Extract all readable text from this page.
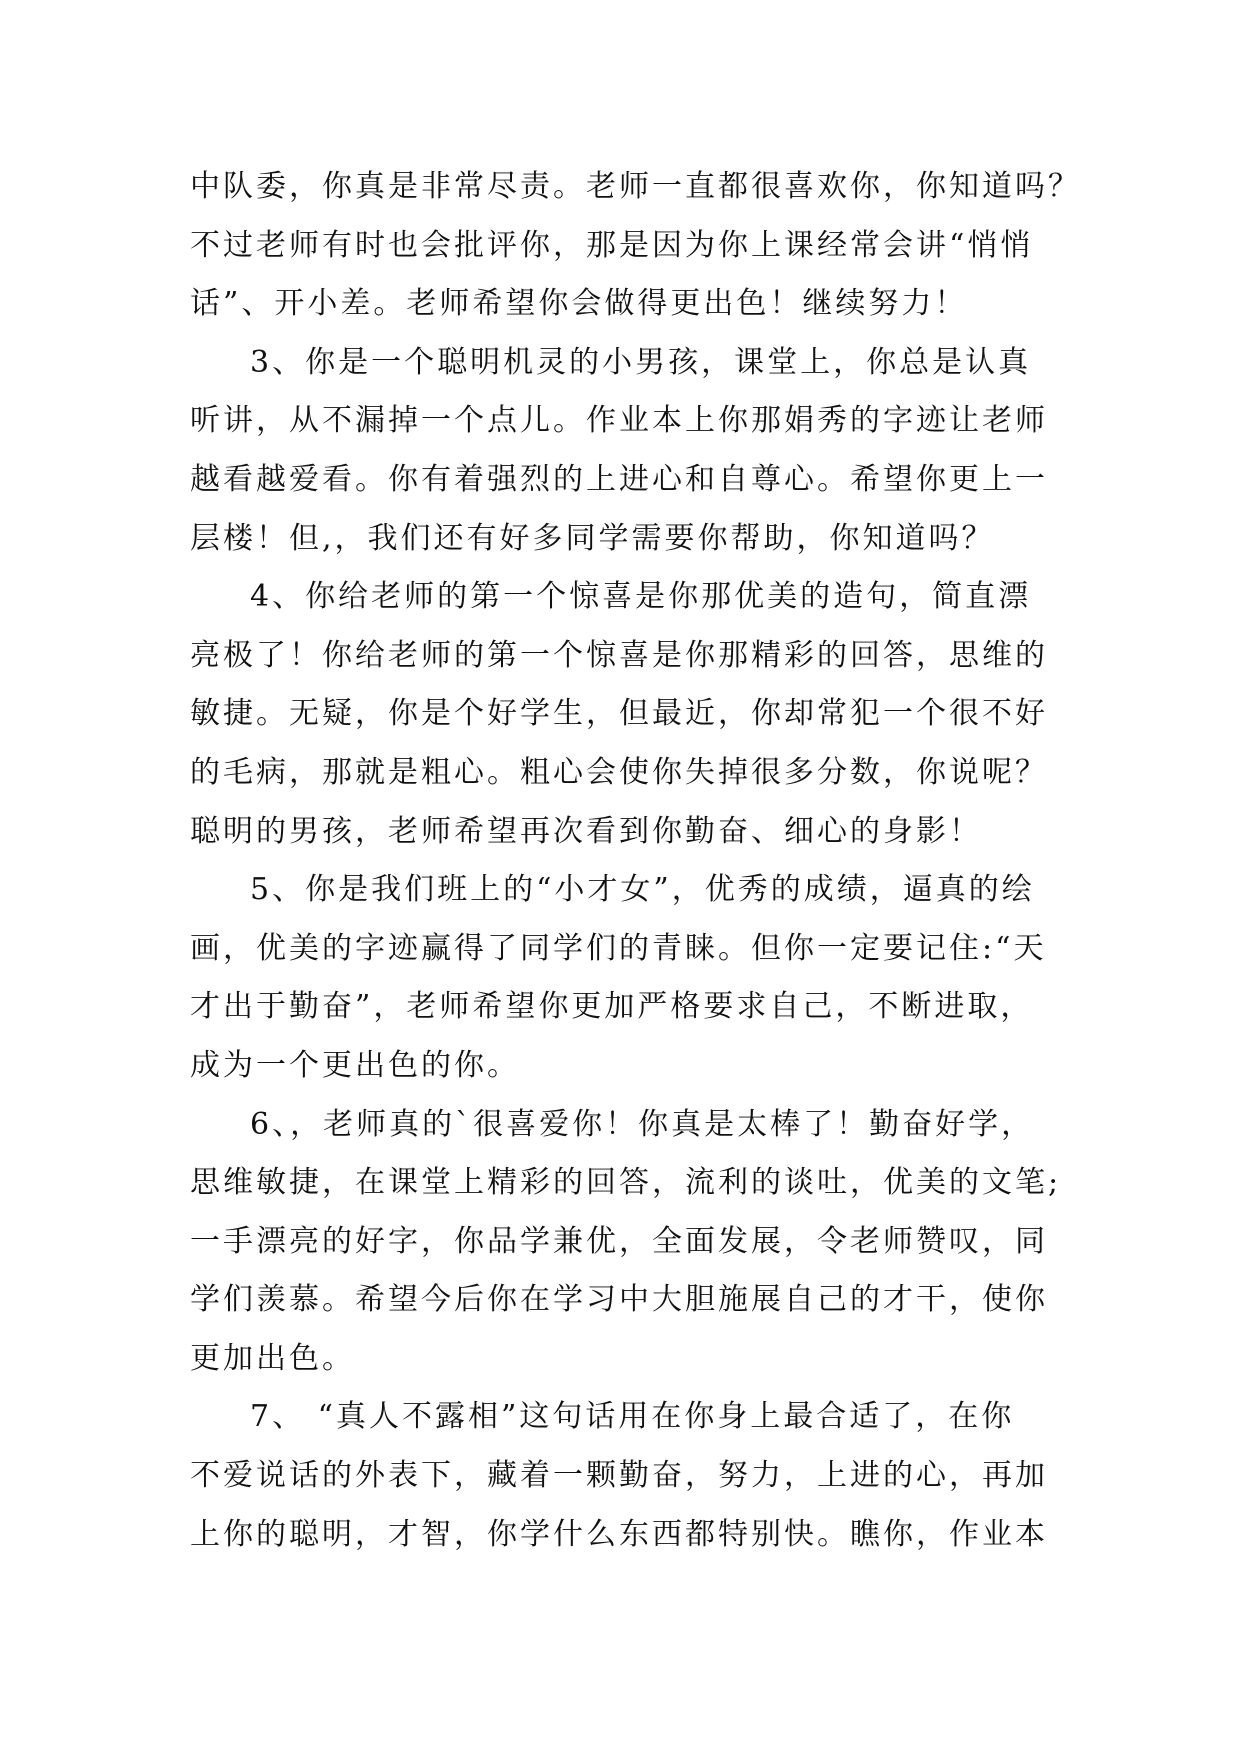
中队委，你真是非常尽责。老师一直都很喜欢你，你知道吗？
不过老师有时也会批评你，那是因为你上课经常会讲“悄悄
话”、开小差。老师希望你会做得更出色！继续努力！
3、你是一个聪明机灵的小男孩，课堂上，你总是认真
听讲，从不漏掉一个点儿。作业本上你那娟秀的字迹让老师
越看越爱看。你有着强烈的上进心和自尊心。希望你更上一
层楼！但,，我们还有好多同学需要你帮助，你知道吗？
4、你给老师的第一个惊喜是你那优美的造句，简直漂
亮极了！你给老师的第一个惊喜是你那精彩的回答，思维的
敏捷。无疑，你是个好学生，但最近，你却常犯一个很不好
的毛病，那就是粗心。粗心会使你失掉很多分数，你说呢？
聪明的男孩，老师希望再次看到你勤奋、细心的身影！
5、你是我们班上的“小才女”，优秀的成绩，逼真的绘
画，优美的字迹赢得了同学们的青睐。但你一定要记住:“天
才出于勤奋”，老师希望你更加严格要求自己，不断进取，
成为一个更出色的你。
6、，老师真的`很喜爱你！你真是太棒了！勤奋好学，
思维敏捷，在课堂上精彩的回答，流利的谈吐，优美的文笔;
一手漂亮的好字，你品学兼优，全面发展，令老师赞叹，同
学们羡慕。希望今后你在学习中大胆施展自己的才干，使你
更加出色。
7、 “真人不露相”这句话用在你身上最合适了，在你
不爱说话的外表下，藏着一颗勤奋，努力，上进的心，再加
上你的聪明，才智，你学什么东西都特别快。瞧你，作业本
